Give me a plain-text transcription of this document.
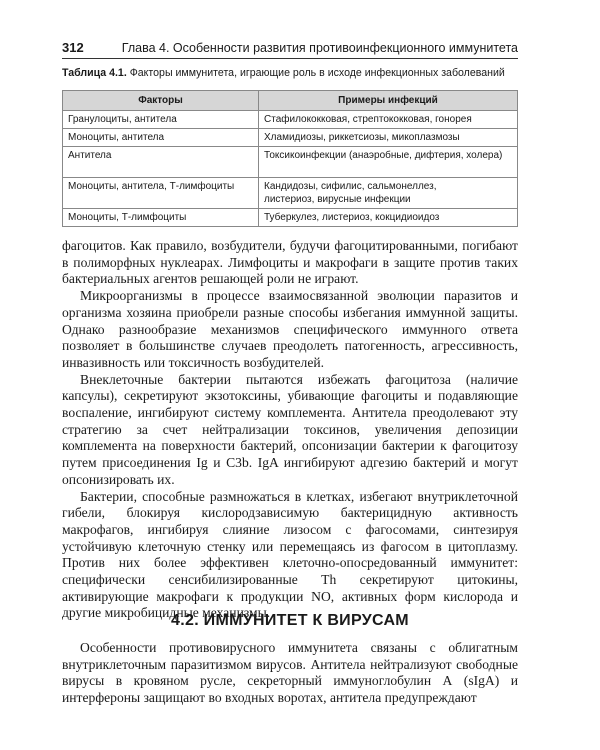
312	Глава 4. Особенности развития противоинфекционного иммунитета
Таблица 4.1. Факторы иммунитета, играющие роль в исходе инфекционных заболеваний
Факторы	Примеры инфекций
Гранулоциты, антитела	Стафилококковая, стрептококковая, гонорея
Моноциты, антитела	Хламидиозы, риккетсиозы, микоплазмозы
Антитела	Токсикоинфекции (анаэробные, дифтерия, холера)
Моноциты, антитела, Т-лимфоциты	Кандидозы, сифилис, сальмонеллез, листериоз, вирусные инфекции
Моноциты, Т-лимфоциты	Туберкулез, листериоз, кокцидиоидоз

фагоцитов. Как правило, возбудители, будучи фагоцитированными, погибают в полиморфных нуклеарах. Лимфоциты и макрофаги в защите против таких бактериальных агентов решающей роли не играют.

Микроорганизмы в процессе взаимосвязанной эволюции паразитов и организма хозяина приобрели разные способы избегания иммунной защиты. Однако разнообразие механизмов специфического иммунного ответа позволяет в большинстве случаев преодолеть патогенность, агрессивность, инвазивность или токсичность возбудителей.

Внеклеточные бактерии пытаются избежать фагоцитоза (наличие капсулы), секретируют экзотоксины, убивающие фагоциты и подавляющие воспаление, ингибируют систему комплемента. Антитела преодолевают эту стратегию за счет нейтрализации токсинов, увеличения депозиции комплемента на поверхности бактерий, опсонизации бактерии к фагоцитозу путем присоединения Ig и C3b. IgA ингибируют адгезию бактерий и могут опсонизировать их.

Бактерии, способные размножаться в клетках, избегают внутриклеточной гибели, блокируя кислородзависимую бактерицидную активность макрофагов, ингибируя слияние лизосом с фагосомами, синтезируя устойчивую клеточную стенку или перемещаясь из фагосом в цитоплазму. Против них более эффективен клеточно-опосредованный иммунитет: специфически сенсибилизированные Th секретируют цитокины, активирующие макрофаги к продукции NO, активных форм кислорода и другие микробицидные механизмы.

4.2. ИММУНИТЕТ К ВИРУСАМ

Особенности противовирусного иммунитета связаны с облигатным внутриклеточным паразитизмом вирусов. Антитела нейтрализуют свободные вирусы в кровяном русле, секреторный иммуноглобулин А (sIgA) и интерфероны защищают во входных воротах, антитела предупреждают
